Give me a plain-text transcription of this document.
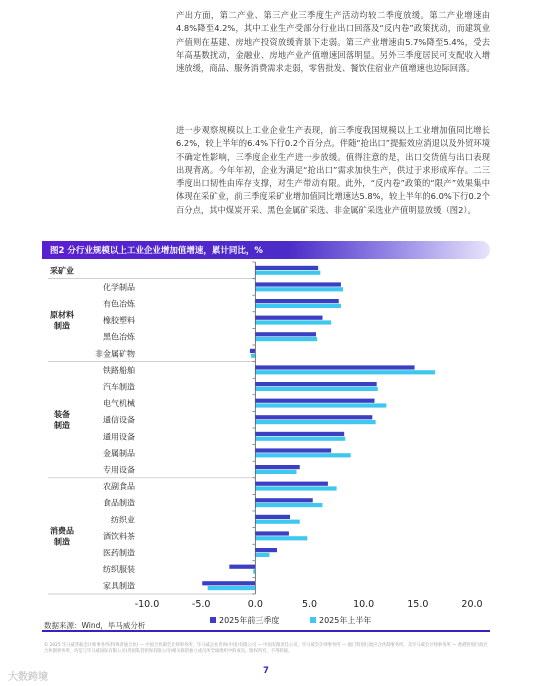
产出方面，第二产业、第三产业三季度生产活动均较二季度放缓。第二产业增速由4.8%降至4.2%，其中工业生产受部分行业出口回落及“反内卷”政策扰动，而建筑业产值则在基建、房地产投资放缓背景下走弱。第三产业增速由5.7%降至5.4%，受去年高基数扰动，金融业、房地产业产值增速回落明显。另外三季度居民可支配收入增速放缓，商品、服务消费需求走弱，零售批发、餐饮住宿业产值增速也边际回落。

进一步观察规模以上工业企业生产表现，前三季度我国规模以上工业增加值同比增长6.2%，较上半年的6.4%下行0.2个百分点。伴随“抢出口”提振效应消退以及外贸环境不确定性影响，三季度企业生产进一步放缓。值得注意的是，出口交货值与出口表现出现背离。今年年初，企业为满足“抢出口”需求加快生产，供过于求形成库存。二三季度出口韧性由库存支撑，对生产带动有限。此外，“反内卷”政策的“限产”效果集中体现在采矿业，前三季度采矿业增加值同比增速达5.8%，较上半年的6.0%下行0.2个百分点，其中煤炭开采、黑色金属矿采选、非金属矿采选业产值明显放缓（图2）。

图2 分行业规模以上工业企业增加值增速，累计同比，%
原材料
制造
装备
制造
消费品
制造
采矿业
化学制品
有色冶炼
橡胶塑料
黑色冶炼
非金属矿物
铁路船舶
汽车制造
电气机械
通信设备
通用设备
金属制品
专用设备
农副食品
食品制造
纺织业
酒饮料茶
医药制造
纺织服装
家具制造
-10.0	-5.0	0.0	5.0	10.0	15.0	20.0
2025年前三季度	2025年上半年
数据来源：Wind，毕马威分析
© 2025 毕马威华振会计师事务所(特殊普通合伙) — 中国合伙制会计师事务所，毕马威企业咨询(中国)有限公司 — 中国有限责任公司，毕马威会计师事务所 — 澳门特别行政区合伙制事务所，及毕马威会计师事务所 — 香港特别行政区合伙制事务所，均是与毕马威国际有限公司(英国私营担保有限公司)相关联的独立成员所全球组织中的成员。版权所有，不得转载。
7
大数跨境
